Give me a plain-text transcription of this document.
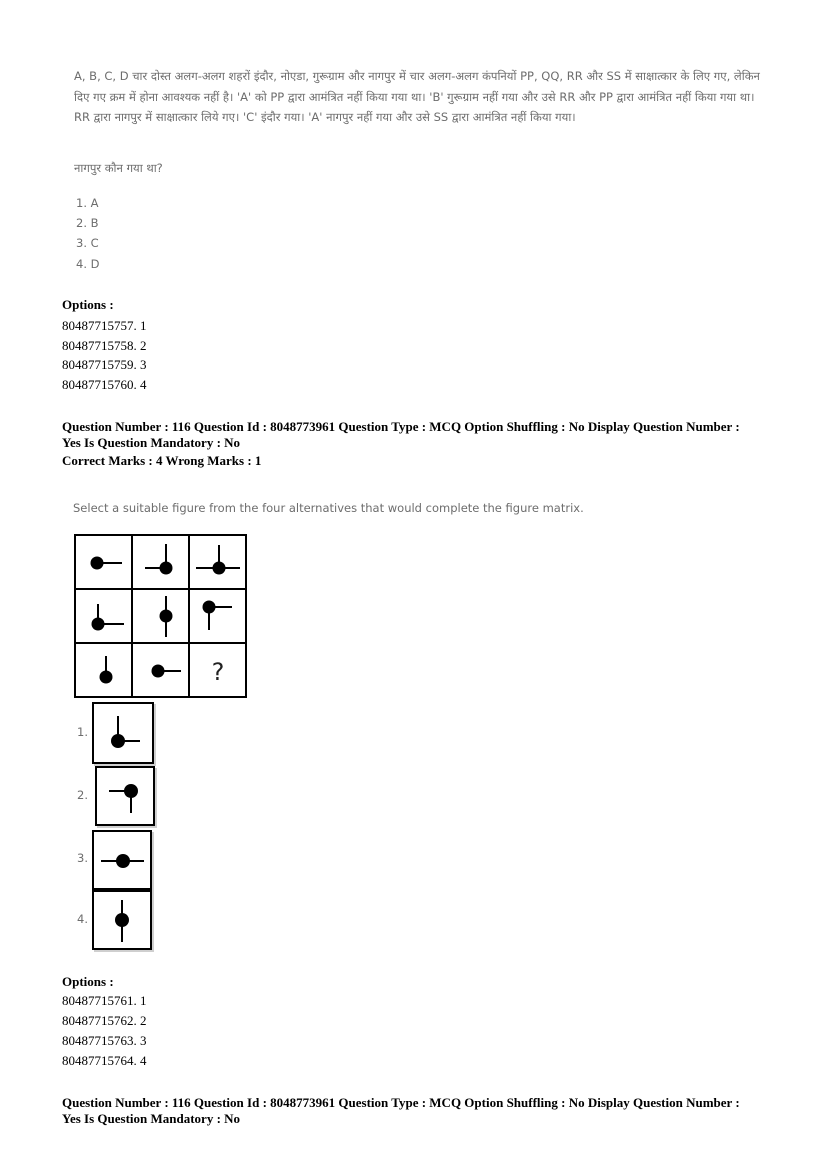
A, B, C, D चार दोस्त अलग-अलग शहरों इंदौर, नोएडा, गुरूग्राम और नागपुर में चार अलग-अलग कंपनियों PP, QQ, RR और SS में साक्षात्कार के लिए गए, लेकिन दिए गए क्रम में होना आवश्यक नहीं है। 'A' को PP द्वारा आमंत्रित नहीं किया गया था। 'B' गुरूग्राम नहीं गया और उसे RR और PP द्वारा आमंत्रित नहीं किया गया था। RR द्वारा नागपुर में साक्षात्कार लिये गए। 'C' इंदौर गया। 'A' नागपुर नहीं गया और उसे SS द्वारा आमंत्रित नहीं किया गया।
नागपुर कौन गया था?
1. A
2. B
3. C
4. D
Options :
80487715757. 1
80487715758. 2
80487715759. 3
80487715760. 4
Question Number : 116 Question Id : 8048773961 Question Type : MCQ Option Shuffling : No Display Question Number :
Yes Is Question Mandatory : No
Correct Marks : 4 Wrong Marks : 1
Select a suitable figure from the four alternatives that would complete the figure matrix.

?
1.
2.
3.
4.
Options :
80487715761. 1
80487715762. 2
80487715763. 3
80487715764. 4
Question Number : 116 Question Id : 8048773961 Question Type : MCQ Option Shuffling : No Display Question Number :
Yes Is Question Mandatory : No
